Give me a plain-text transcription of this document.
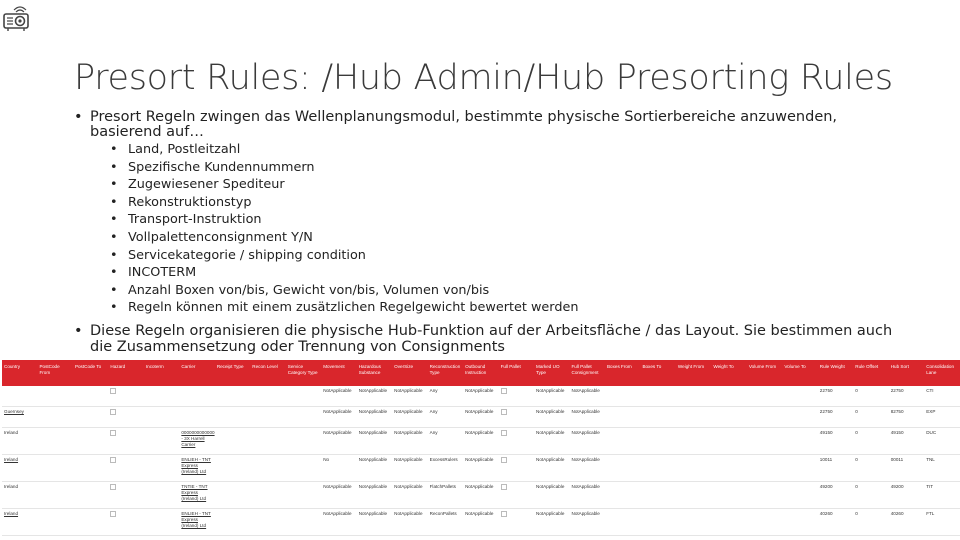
Presort Rules: /Hub Admin/Hub Presorting Rules
• Presort Regeln zwingen das Wellenplanungsmodul, bestimmte physische Sortierbereiche anzuwenden, basierend auf…
• Land, Postleitzahl
• Spezifische Kundennummern
• Zugewiesener Spediteur
• Rekonstruktionstyp
• Transport-Instruktion
• Vollpalettenconsignment Y/N
• Servicekategorie / shipping condition
• INCOTERM
• Anzahl Boxen von/bis, Gewicht von/bis, Volumen von/bis
• Regeln können mit einem zusätzlichen Regelgewicht bewertet werden
• Diese Regeln organisieren die physische Hub-Funktion auf der Arbeitsfläche / das Layout. Sie bestimmen auch die Zusammensetzung oder Trennung von Consignments
Country	PostCode From	PostCode To	Hazard	Incoterm	Carrier	Receipt Type	Recon Level	Service Category Type	Movement	Hazardous Substance	OverSize	Reconstruction Type	Outbound Instruction	Full Pallet	Marked UO Type	Full Pallet Consignment	Boxes From	Boxes To	Weight From	Weight To	Volume From	Volume To	Rule Weight	Rule Offset	Hub Sort	Consolidation Lane
									NotApplicable	NotApplicable	NotApplicable	Any	NotApplicable		NotApplicable	NotApplicable							22750	0	22750	CTI
Guernsey									NotApplicable	NotApplicable	NotApplicable	Any	NotApplicable		NotApplicable	NotApplicable							22750	0	82750	EXP
Ireland					0000000000000 - 3X Harrell Carrier				NotApplicable	NotApplicable	NotApplicable	Any	NotApplicable		NotApplicable	NotApplicable							49150	0	49150	DUC
Ireland					ENLIEH - TNT Express (Ireland) Ltd				No	NotApplicable	NotApplicable	ExcessRulers	NotApplicable		NotApplicable	NotApplicable							10011	0	00011	TNL
Ireland					TNTIE - TNT Express (Ireland) Ltd				NotApplicable	NotApplicable	NotApplicable	FlatchPallets	NotApplicable		NotApplicable	NotApplicable							49200	0	49200	TIT
Ireland					ENLIEH - TNT Express (Ireland) Ltd				NotApplicable	NotApplicable	NotApplicable	ReconPallets	NotApplicable		NotApplicable	NotApplicable							40260	0	40260	FTL
